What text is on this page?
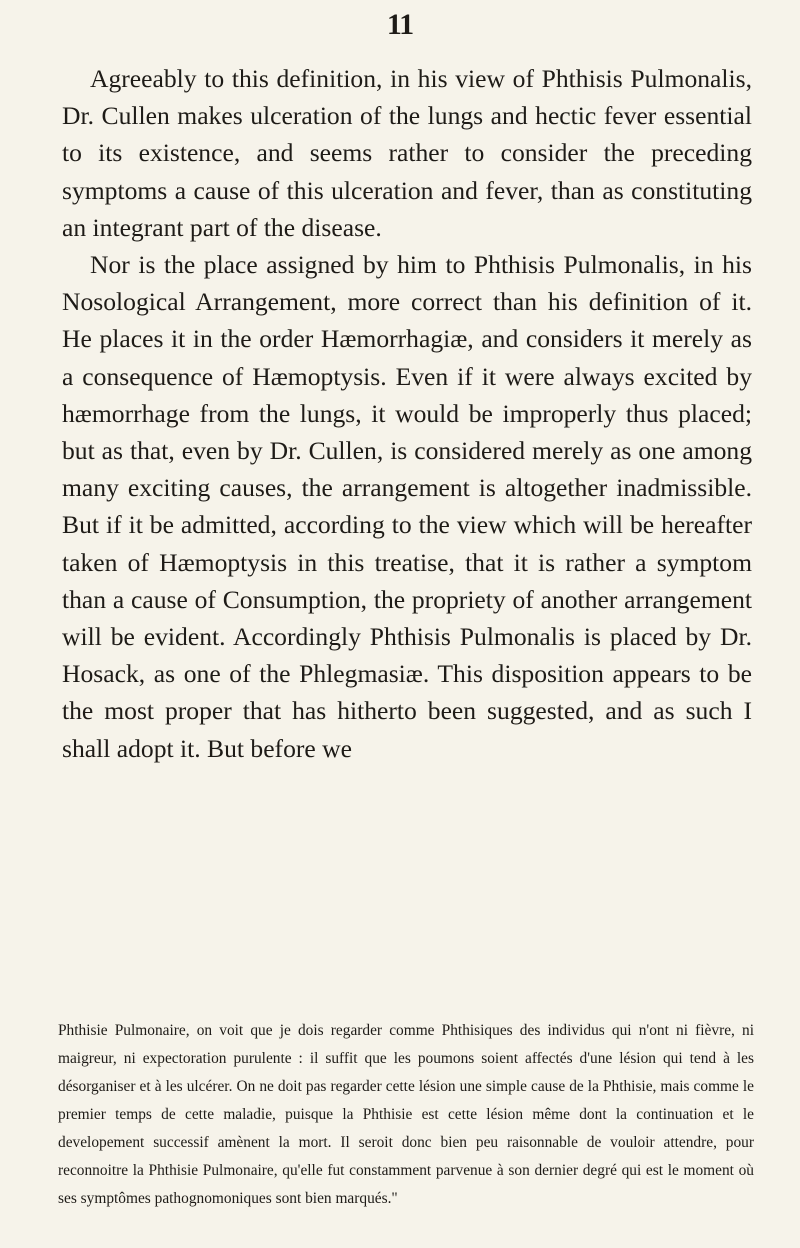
11

Agreeably to this definition, in his view of Phthisis Pulmonalis, Dr. Cullen makes ulceration of the lungs and hectic fever essential to its existence, and seems rather to consider the preceding symptoms a cause of this ulceration and fever, than as constituting an integrant part of the disease.

Nor is the place assigned by him to Phthisis Pulmonalis, in his Nosological Arrangement, more correct than his definition of it. He places it in the order Hæmorrhagiæ, and considers it merely as a consequence of Hæmoptysis. Even if it were always excited by hæmorrhage from the lungs, it would be improperly thus placed; but as that, even by Dr. Cullen, is considered merely as one among many exciting causes, the arrangement is altogether inadmissible. But if it be admitted, according to the view which will be hereafter taken of Hæmoptysis in this treatise, that it is rather a symptom than a cause of Consumption, the propriety of another arrangement will be evident. Accordingly Phthisis Pulmonalis is placed by Dr. Hosack, as one of the Phlegmasiæ. This disposition appears to be the most proper that has hitherto been suggested, and as such I shall adopt it. But before we

Phthisie Pulmonaire, on voit que je dois regarder comme Phthisiques des individus qui n'ont ni fièvre, ni maigreur, ni expectoration purulente : il suffit que les poumons soient affectés d'une lésion qui tend à les désorganiser et à les ulcérer. On ne doit pas regarder cette lésion une simple cause de la Phthisie, mais comme le premier temps de cette maladie, puisque la Phthisie est cette lésion même dont la continuation et le developement successif amènent la mort. Il seroit donc bien peu raisonnable de vouloir attendre, pour reconnoitre la Phthisie Pulmonaire, qu'elle fut constamment parvenue à son dernier degré qui est le moment où ses symptômes pathognomoniques sont bien marqués."
